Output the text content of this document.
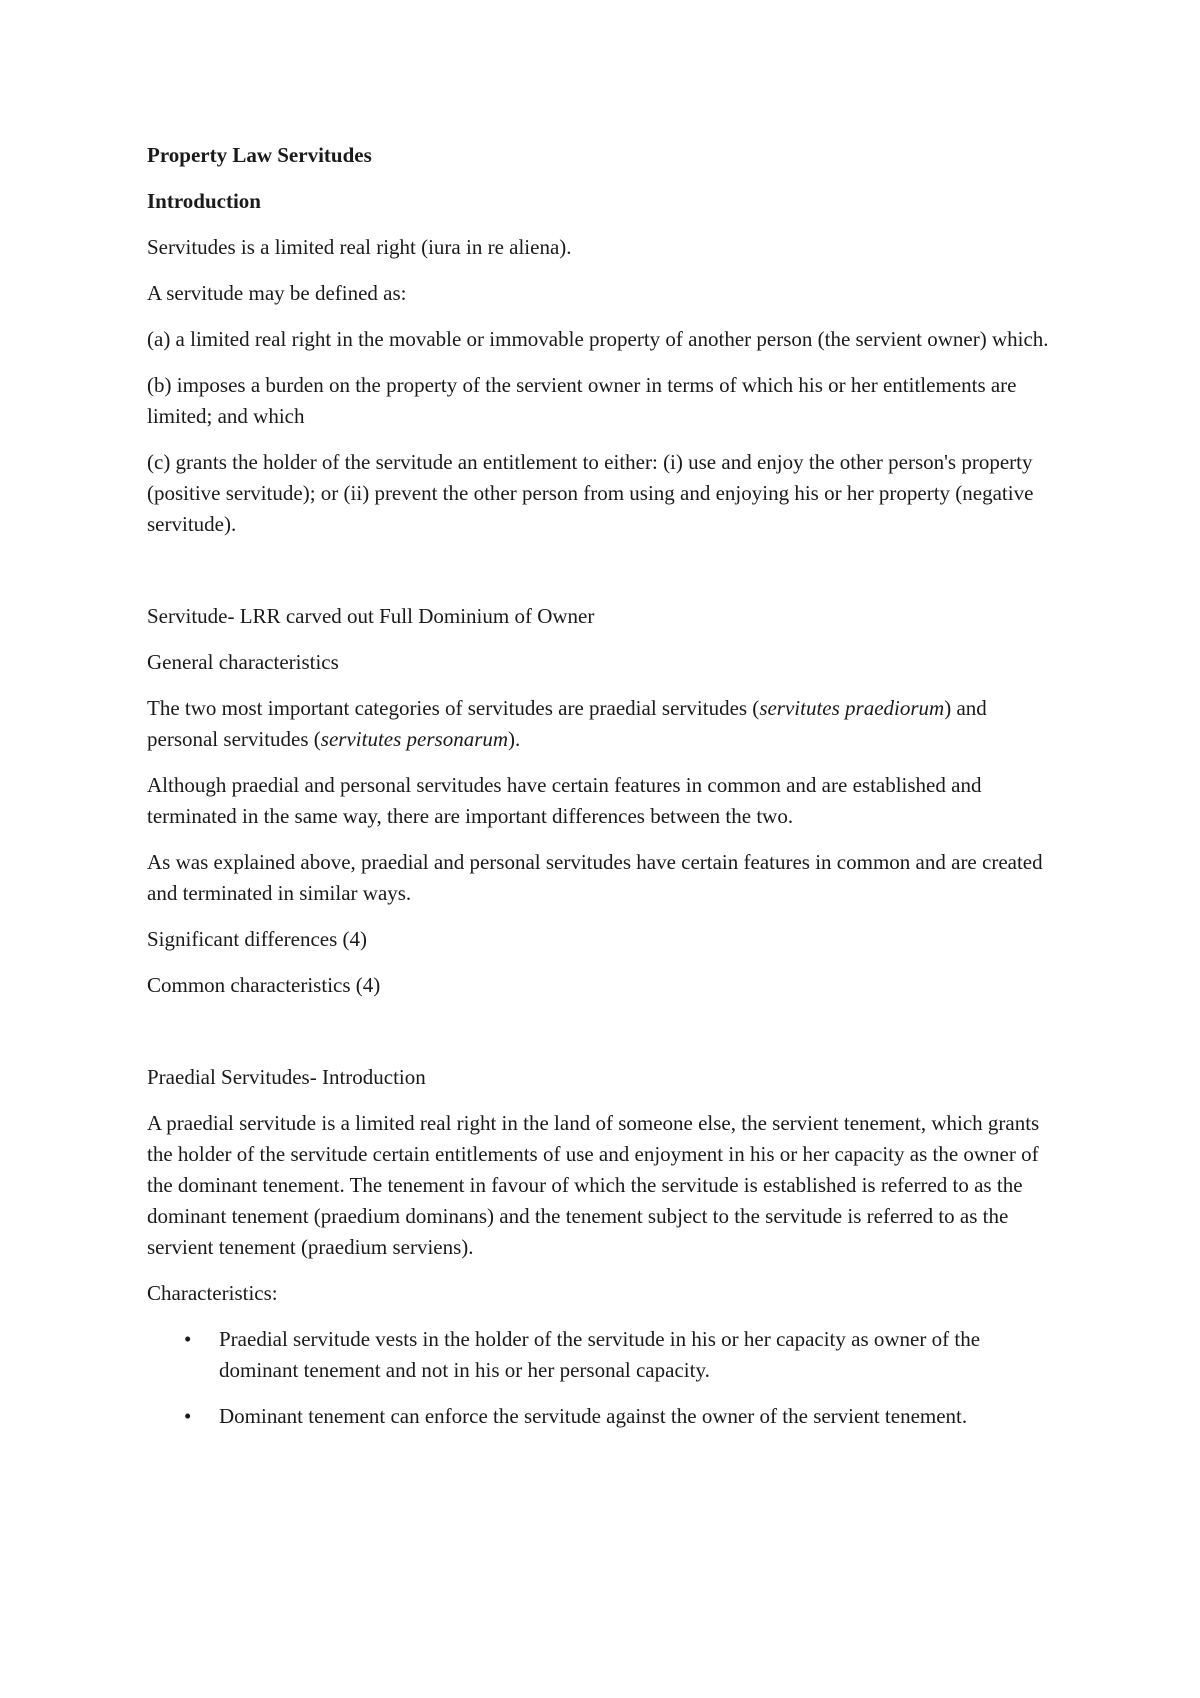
Property Law Servitudes

Introduction

Servitudes is a limited real right (iura in re aliena).

A servitude may be defined as:

(a) a limited real right in the movable or immovable property of another person (the servient owner) which.

(b) imposes a burden on the property of the servient owner in terms of which his or her entitlements are limited; and which

(c) grants the holder of the servitude an entitlement to either: (i) use and enjoy the other person's property (positive servitude); or (ii) prevent the other person from using and enjoying his or her property (negative servitude).

Servitude- LRR carved out Full Dominium of Owner

General characteristics

The two most important categories of servitudes are praedial servitudes (servitutes praediorum) and personal servitudes (servitutes personarum).

Although praedial and personal servitudes have certain features in common and are established and terminated in the same way, there are important differences between the two.

As was explained above, praedial and personal servitudes have certain features in common and are created and terminated in similar ways.

Significant differences (4)

Common characteristics (4)

Praedial Servitudes- Introduction

A praedial servitude is a limited real right in the land of someone else, the servient tenement, which grants the holder of the servitude certain entitlements of use and enjoyment in his or her capacity as the owner of the dominant tenement. The tenement in favour of which the servitude is established is referred to as the dominant tenement (praedium dominans) and the tenement subject to the servitude is referred to as the servient tenement (praedium serviens).

Characteristics:

• Praedial servitude vests in the holder of the servitude in his or her capacity as owner of the dominant tenement and not in his or her personal capacity.
• Dominant tenement can enforce the servitude against the owner of the servient tenement.
